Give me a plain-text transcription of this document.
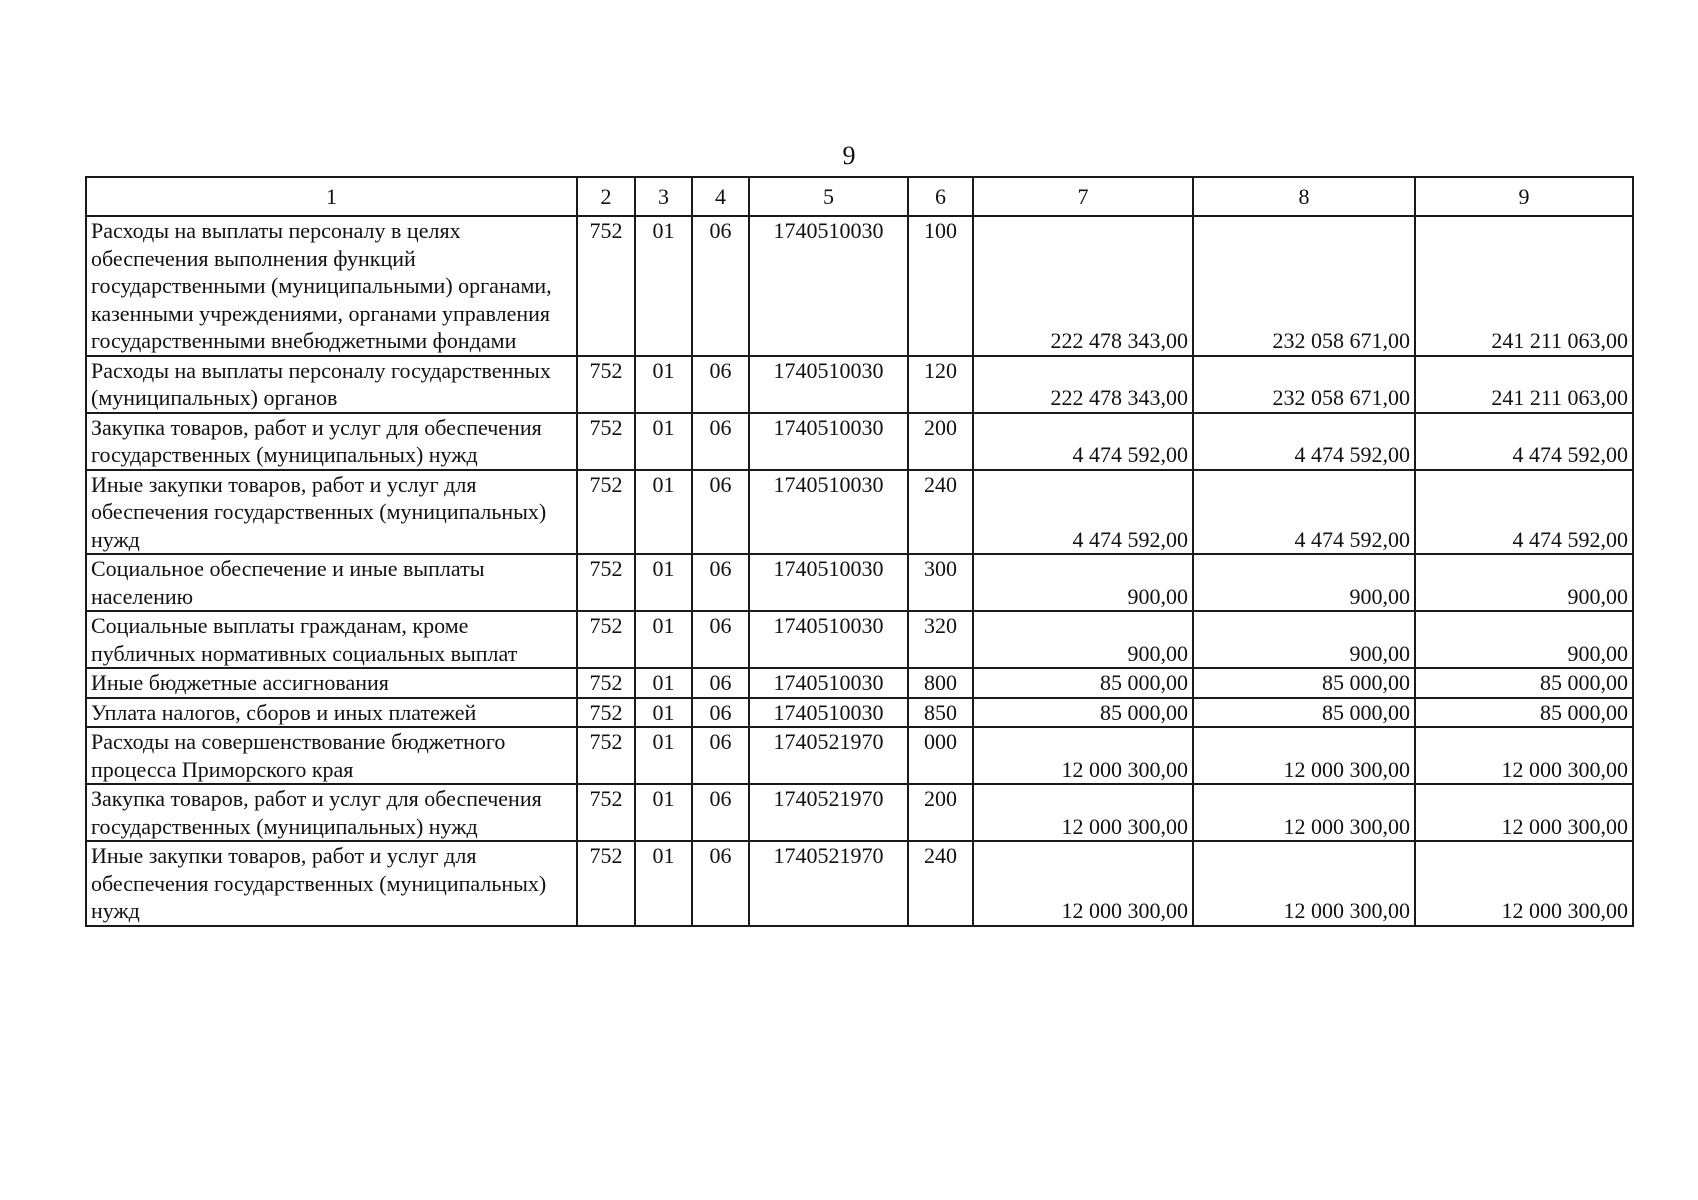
9
1	2	3	4	5	6	7	8	9
Расходы на выплаты персоналу в целях обеспечения выполнения функций государственными (муниципальными) органами, казенными учреждениями, органами управления государственными внебюджетными фондами	752	01	06	1740510030	100	222 478 343,00	232 058 671,00	241 211 063,00
Расходы на выплаты персоналу государственных (муниципальных) органов	752	01	06	1740510030	120	222 478 343,00	232 058 671,00	241 211 063,00
Закупка товаров, работ и услуг для обеспечения государственных (муниципальных) нужд	752	01	06	1740510030	200	4 474 592,00	4 474 592,00	4 474 592,00
Иные закупки товаров, работ и услуг для обеспечения государственных (муниципальных) нужд	752	01	06	1740510030	240	4 474 592,00	4 474 592,00	4 474 592,00
Социальное обеспечение и иные выплаты населению	752	01	06	1740510030	300	900,00	900,00	900,00
Социальные выплаты гражданам, кроме публичных нормативных социальных выплат	752	01	06	1740510030	320	900,00	900,00	900,00
Иные бюджетные ассигнования	752	01	06	1740510030	800	85 000,00	85 000,00	85 000,00
Уплата налогов, сборов и иных платежей	752	01	06	1740510030	850	85 000,00	85 000,00	85 000,00
Расходы на совершенствование бюджетного процесса Приморского края	752	01	06	1740521970	000	12 000 300,00	12 000 300,00	12 000 300,00
Закупка товаров, работ и услуг для обеспечения государственных (муниципальных) нужд	752	01	06	1740521970	200	12 000 300,00	12 000 300,00	12 000 300,00
Иные закупки товаров, работ и услуг для обеспечения государственных (муниципальных) нужд	752	01	06	1740521970	240	12 000 300,00	12 000 300,00	12 000 300,00
